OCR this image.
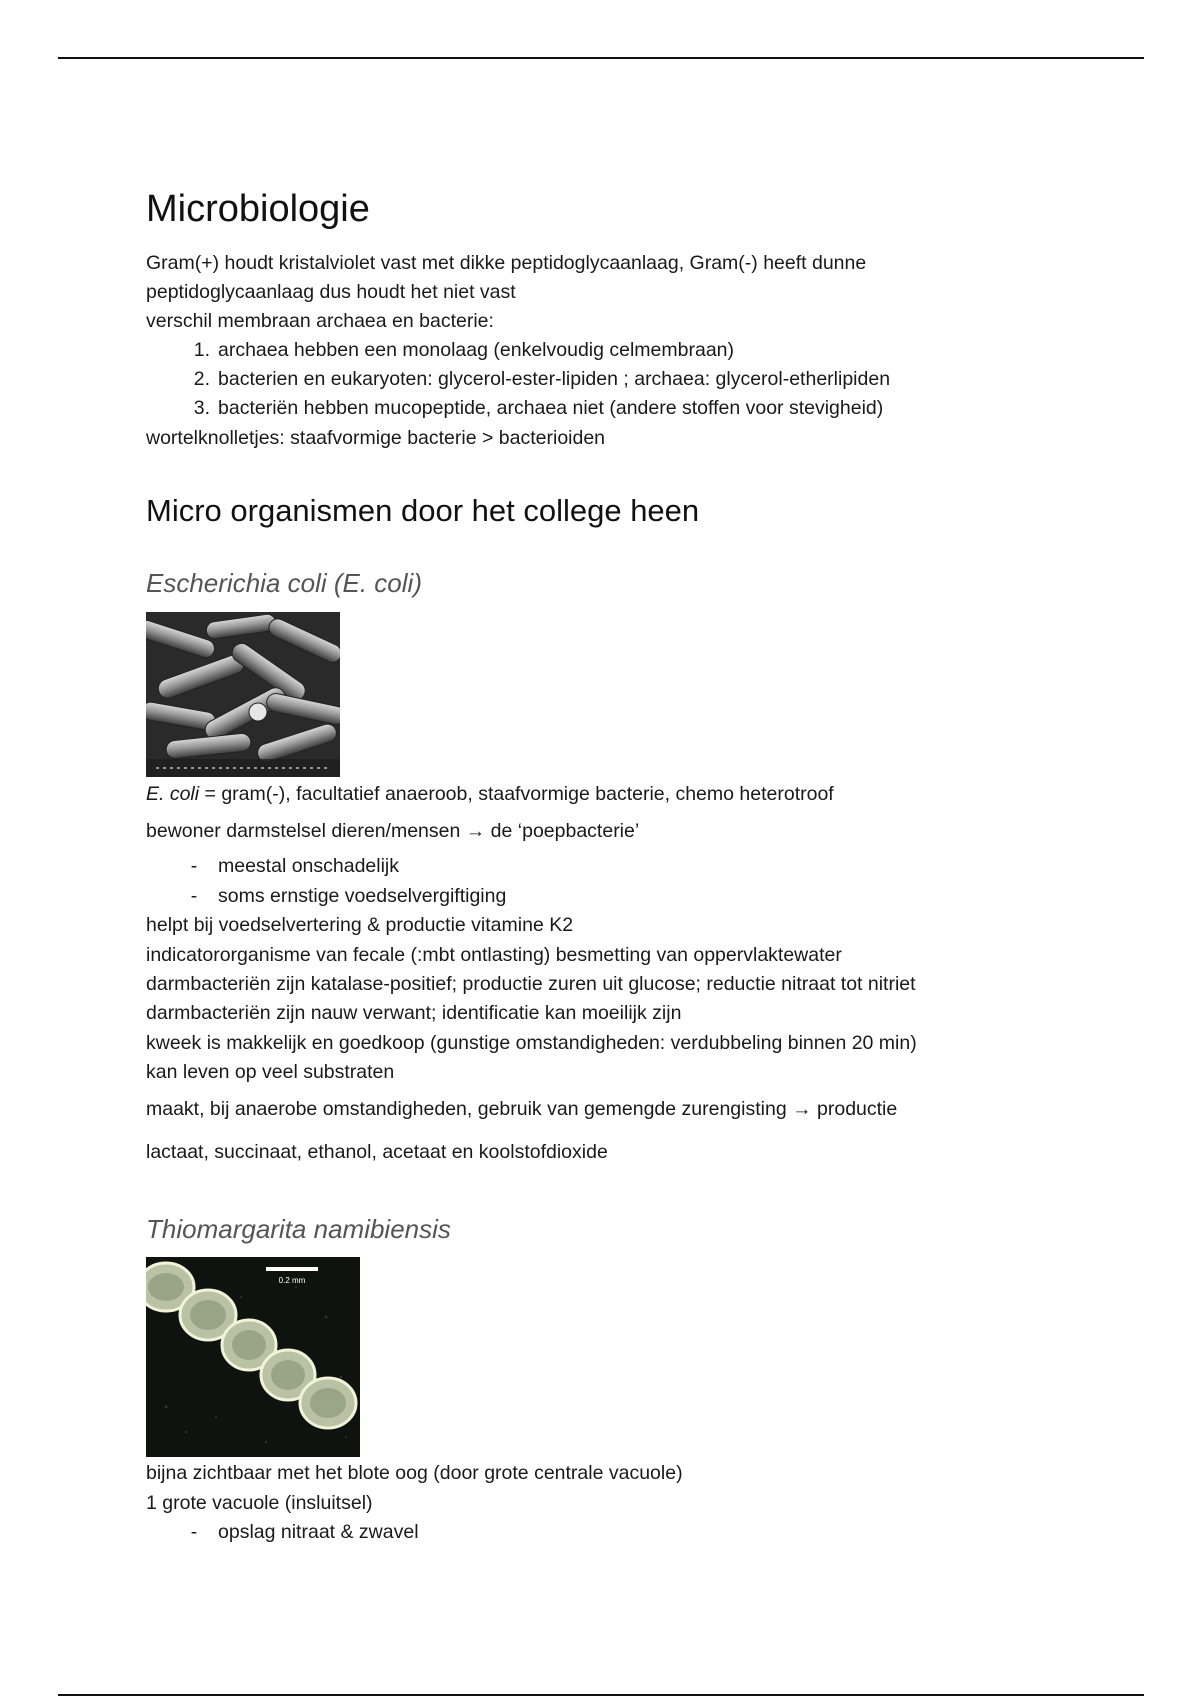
Microbiologie
Gram(+) houdt kristalviolet vast met dikke peptidoglycaanlaag, Gram(-) heeft dunne
peptidoglycaanlaag dus houdt het niet vast
verschil membraan archaea en bacterie:
1. archaea hebben een monolaag (enkelvoudig celmembraan)
2. bacterien en eukaryoten: glycerol-ester-lipiden ; archaea: glycerol-etherlipiden
3. bacteriën hebben mucopeptide, archaea niet (andere stoffen voor stevigheid)
wortelknolletjes: staafvormige bacterie > bacterioiden
Micro organismen door het college heen
Escherichia coli (E. coli)
E. coli = gram(-), facultatief anaeroob, staafvormige bacterie, chemo heterotroof
bewoner darmstelsel dieren/mensen → de ‘poepbacterie’
-	meestal onschadelijk
-	soms ernstige voedselvergiftiging
helpt bij voedselvertering & productie vitamine K2
indicatororganisme van fecale (:mbt ontlasting) besmetting van oppervlaktewater
darmbacteriën zijn katalase-positief; productie zuren uit glucose; reductie nitraat tot nitriet
darmbacteriën zijn nauw verwant; identificatie kan moeilijk zijn
kweek is makkelijk en goedkoop (gunstige omstandigheden: verdubbeling binnen 20 min)
kan leven op veel substraten
maakt, bij anaerobe omstandigheden, gebruik van gemengde zurengisting → productie
lactaat, succinaat, ethanol, acetaat en koolstofdioxide
Thiomargarita namibiensis
0.2 mm
bijna zichtbaar met het blote oog (door grote centrale vacuole)
1 grote vacuole (insluitsel)
-	opslag nitraat & zwavel
